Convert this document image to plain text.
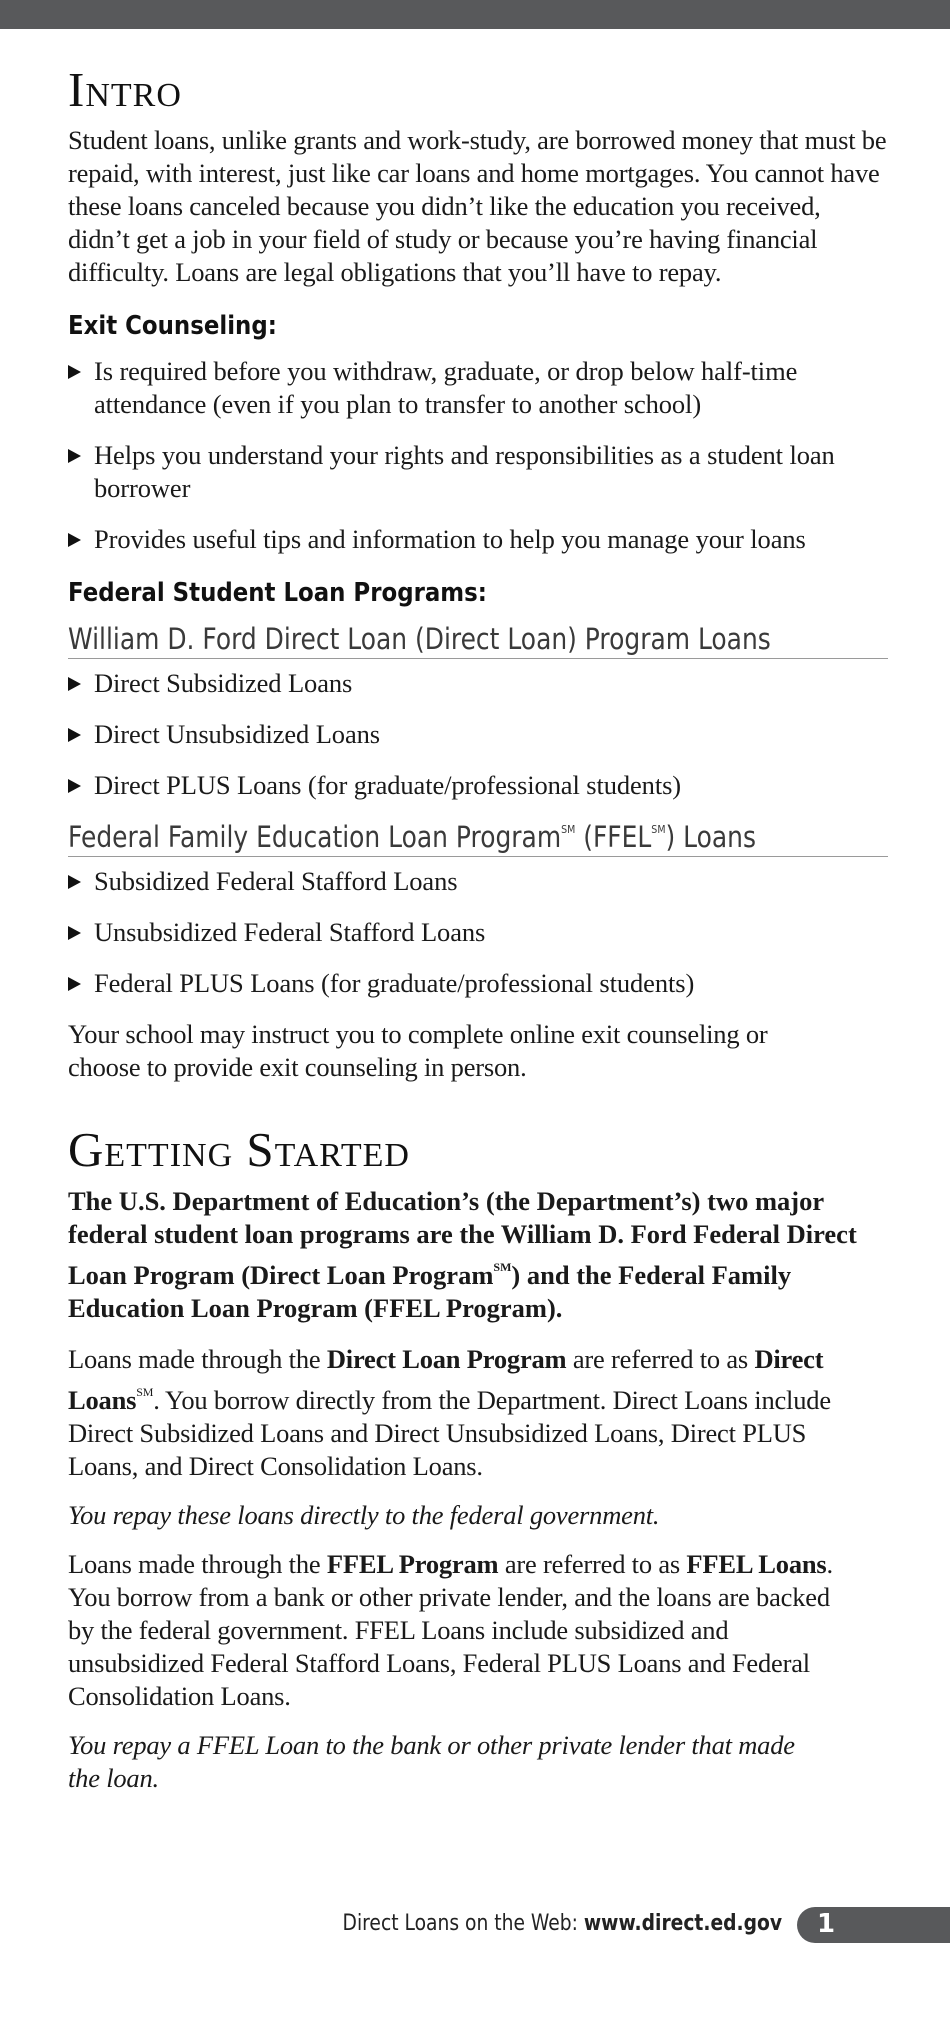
Intro

Student loans, unlike grants and work-study, are borrowed money that must be repaid, with interest, just like car loans and home mortgages. You cannot have these loans canceled because you didn’t like the education you received, didn’t get a job in your field of study or because you’re having financial difficulty. Loans are legal obligations that you’ll have to repay.

Exit Counseling:
Is required before you withdraw, graduate, or drop below half-time attendance (even if you plan to transfer to another school)
Helps you understand your rights and responsibilities as a student loan borrower
Provides useful tips and information to help you manage your loans
Federal Student Loan Programs:
William D. Ford Direct Loan (Direct Loan) Program Loans
Direct Subsidized Loans
Direct Unsubsidized Loans
Direct PLUS Loans (for graduate/professional students)
Federal Family Education Loan Program℠ (FFEL℠) Loans
Subsidized Federal Stafford Loans
Unsubsidized Federal Stafford Loans
Federal PLUS Loans (for graduate/professional students)

Your school may instruct you to complete online exit counseling or choose to provide exit counseling in person.

Getting Started

The U.S. Department of Education’s (the Department’s) two major federal student loan programs are the William D. Ford Federal Direct Loan Program (Direct Loan Program℠) and the Federal Family Education Loan Program (FFEL Program).

Loans made through the Direct Loan Program are referred to as Direct Loans℠. You borrow directly from the Department. Direct Loans include Direct Subsidized Loans and Direct Unsubsidized Loans, Direct PLUS Loans, and Direct Consolidation Loans.

You repay these loans directly to the federal government.

Loans made through the FFEL Program are referred to as FFEL Loans. You borrow from a bank or other private lender, and the loans are backed by the federal government. FFEL Loans include subsidized and unsubsidized Federal Stafford Loans, Federal PLUS Loans and Federal Consolidation Loans.

You repay a FFEL Loan to the bank or other private lender that made the loan.

Direct Loans on the Web: www.direct.ed.gov 1
